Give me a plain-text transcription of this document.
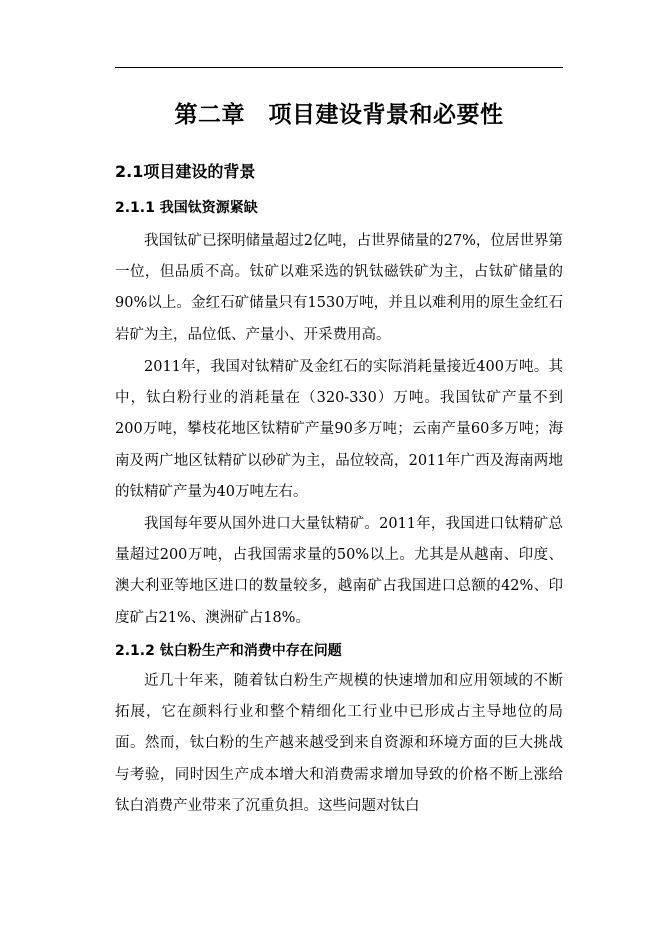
第二章　项目建设背景和必要性
2.1项目建设的背景
2.1.1 我国钛资源紧缺

我国钛矿已探明储量超过2亿吨，占世界储量的27%，位居世界第一位，但品质不高。钛矿以难采选的钒钛磁铁矿为主，占钛矿储量的90%以上。金红石矿储量只有1530万吨，并且以难利用的原生金红石岩矿为主，品位低、产量小、开采费用高。

2011年，我国对钛精矿及金红石的实际消耗量接近400万吨。其中，钛白粉行业的消耗量在（320-330）万吨。我国钛矿产量不到200万吨，攀枝花地区钛精矿产量90多万吨；云南产量60多万吨；海南及两广地区钛精矿以砂矿为主，品位较高，2011年广西及海南两地的钛精矿产量为40万吨左右。

我国每年要从国外进口大量钛精矿。2011年，我国进口钛精矿总量超过200万吨，占我国需求量的50%以上。尤其是从越南、印度、澳大利亚等地区进口的数量较多，越南矿占我国进口总额的42%、印度矿占21%、澳洲矿占18%。

2.1.2 钛白粉生产和消费中存在问题

近几十年来，随着钛白粉生产规模的快速增加和应用领域的不断拓展，它在颜料行业和整个精细化工行业中已形成占主导地位的局面。然而，钛白粉的生产越来越受到来自资源和环境方面的巨大挑战与考验，同时因生产成本增大和消费需求增加导致的价格不断上涨给钛白消费产业带来了沉重负担。这些问题对钛白
